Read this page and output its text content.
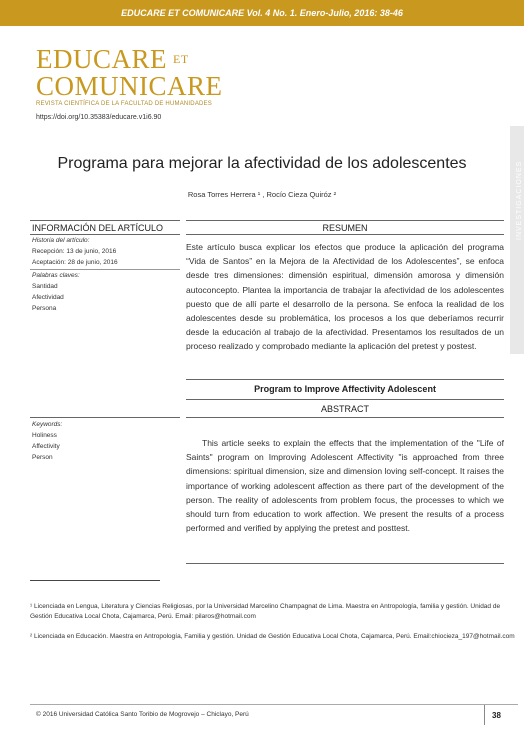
EDUCARE ET COMUNICARE Vol. 4 No. 1. Enero-Julio, 2016: 38-46
EDUCARE $^{ET}$
COMUNICARE
REVISTA CIENTÍFICA DE LA FACULTAD DE HUMANIDADES
https://doi.org/10.35383/educare.v1i6.90
INVESTIGACIONES
Programa para mejorar la afectividad de los adolescentes
Rosa Torres Herrera ¹ , Rocío Cieza Quiróz ²
INFORMACIÓN DEL ARTÍCULO	RESUMEN
Historia del artículo:
Recepción: 13 de junio, 2016
Aceptación: 28 de junio, 2016
Palabras claves:
Santidad
Afectividad
Persona
Este artículo busca explicar los efectos que produce la aplicación del programa “Vida de Santos” en la Mejora de la Afectividad de los Adolescentes”, se enfoca desde tres dimensiones: dimensión espiritual, dimensión amorosa y dimensión autoconcepto. Plantea la importancia de trabajar la afectividad de los adolescentes puesto que de allí parte el desarrollo de la persona. Se enfoca la realidad de los adolescentes desde su problemática, los procesos a los que deberíamos recurrir desde la educación al trabajo de la afectividad. Presentamos los resultados de un proceso realizado y comprobado mediante la aplicación del pretest y postest.
Program to Improve Affectivity Adolescent
ABSTRACT
Keywords:
Holiness
Affectivity
Person
This article seeks to explain the effects that the implementation of the "Life of Saints" program on Improving Adolescent Affectivity "is approached from three dimensions: spiritual dimension, size and dimension loving self-concept. It raises the importance of working adolescent affection as there part of the development of the person. The reality of adolescents from problem focus, the processes to which we should turn from education to work affection. We present the results of a process performed and verified by applying the pretest and posttest.
¹ Licenciada en Lengua, Literatura y Ciencias Religiosas, por la Universidad Marcelino Champagnat de Lima. Maestra en Antropología, familia y gestión. Unidad de Gestión Educativa Local Chota, Cajamarca, Perú. Email: pilaros@hotmail.com
² Licenciada en Educación. Maestra en Antropología, Familia y gestión. Unidad de Gestión Educativa Local Chota, Cajamarca, Perú. Email:chiocieza_197@hotmail.com
© 2016 Universidad Católica Santo Toribio de Mogrovejo – Chiclayo, Perú	38
